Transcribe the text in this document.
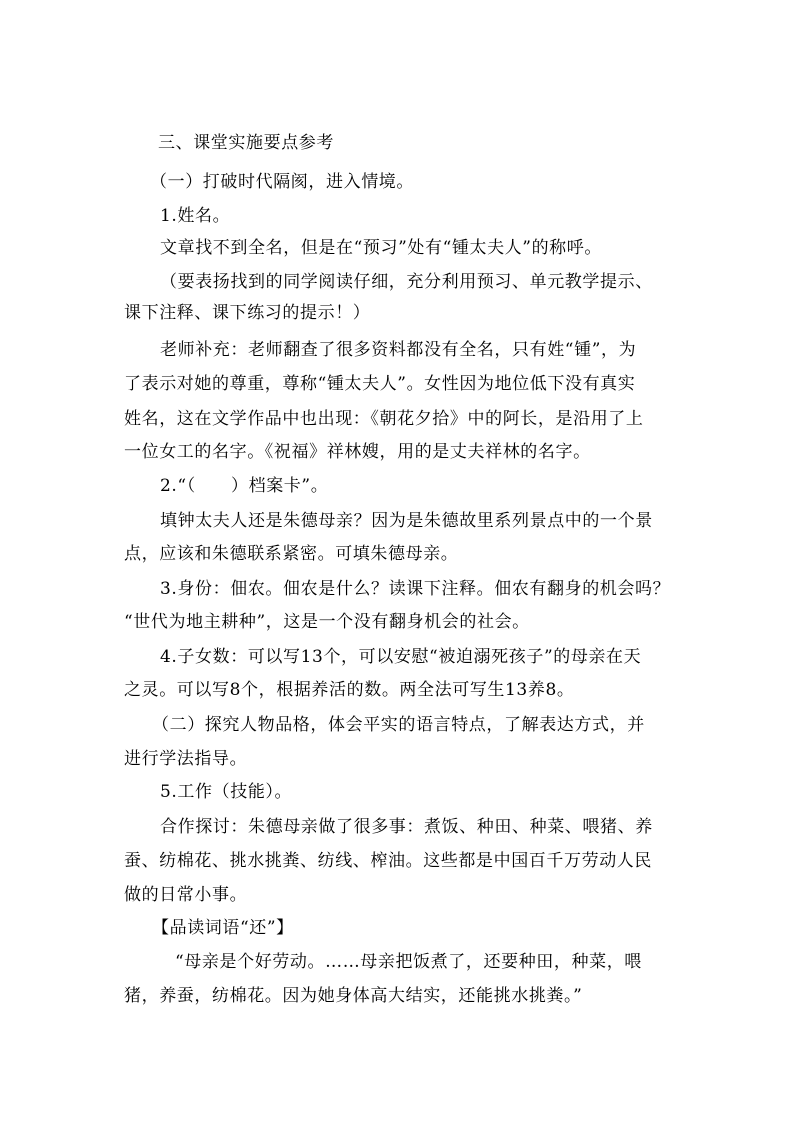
三、课堂实施要点参考
（一）打破时代隔阂，进入情境。
1.姓名。
文章找不到全名，但是在“预习”处有“锺太夫人”的称呼。
（要表扬找到的同学阅读仔细，充分利用预习、单元教学提示、
课下注释、课下练习的提示！）
老师补充：老师翻查了很多资料都没有全名，只有姓“锺”，为
了表示对她的尊重，尊称“锺太夫人”。女性因为地位低下没有真实
姓名，这在文学作品中也出现：《朝花夕拾》中的阿长，是沿用了上
一位女工的名字。《祝福》祥林嫂，用的是丈夫祥林的名字。
2.“（　　）档案卡”。
填钟太夫人还是朱德母亲？因为是朱德故里系列景点中的一个景
点，应该和朱德联系紧密。可填朱德母亲。
3.身份：佃农。佃农是什么？读课下注释。佃农有翻身的机会吗？
“世代为地主耕种”，这是一个没有翻身机会的社会。
4.子女数：可以写13个，可以安慰“被迫溺死孩子”的母亲在天
之灵。可以写8个，根据养活的数。两全法可写生13养8。
（二）探究人物品格，体会平实的语言特点，了解表达方式，并
进行学法指导。
5.工作（技能）。
合作探讨：朱德母亲做了很多事：煮饭、种田、种菜、喂猪、养
蚕、纺棉花、挑水挑粪、纺线、榨油。这些都是中国百千万劳动人民
做的日常小事。
【品读词语“还”】
“母亲是个好劳动。……母亲把饭煮了，还要种田，种菜，喂
猪，养蚕，纺棉花。因为她身体高大结实，还能挑水挑粪。”
